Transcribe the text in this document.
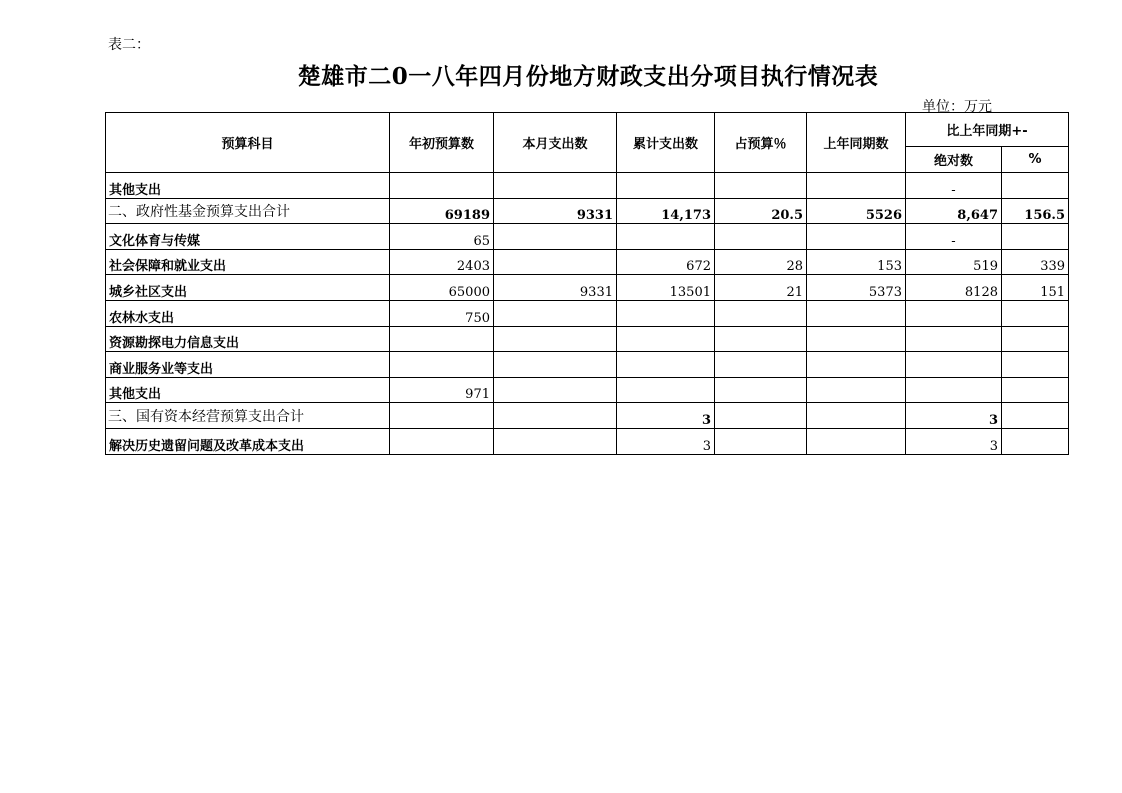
表二：
楚雄市二0一八年四月份地方财政支出分项目执行情况表
单位：万元
预算科目	年初预算数	本月支出数	累计支出数	占预算％	上年同期数	比上年同期+-	
						绝对数	%
其他支出						-	
二、政府性基金预算支出合计	69189	9331	14,173	20.5	5526	8,647	156.5
文化体育与传媒	65					-	
社会保障和就业支出	2403		672	28	153	519	339
城乡社区支出	65000	9331	13501	21	5373	8128	151
农林水支出	750						
资源勘探电力信息支出							
商业服务业等支出							
其他支出	971						
三、国有资本经营预算支出合计			3			3	
解决历史遗留问题及改革成本支出			3			3	
